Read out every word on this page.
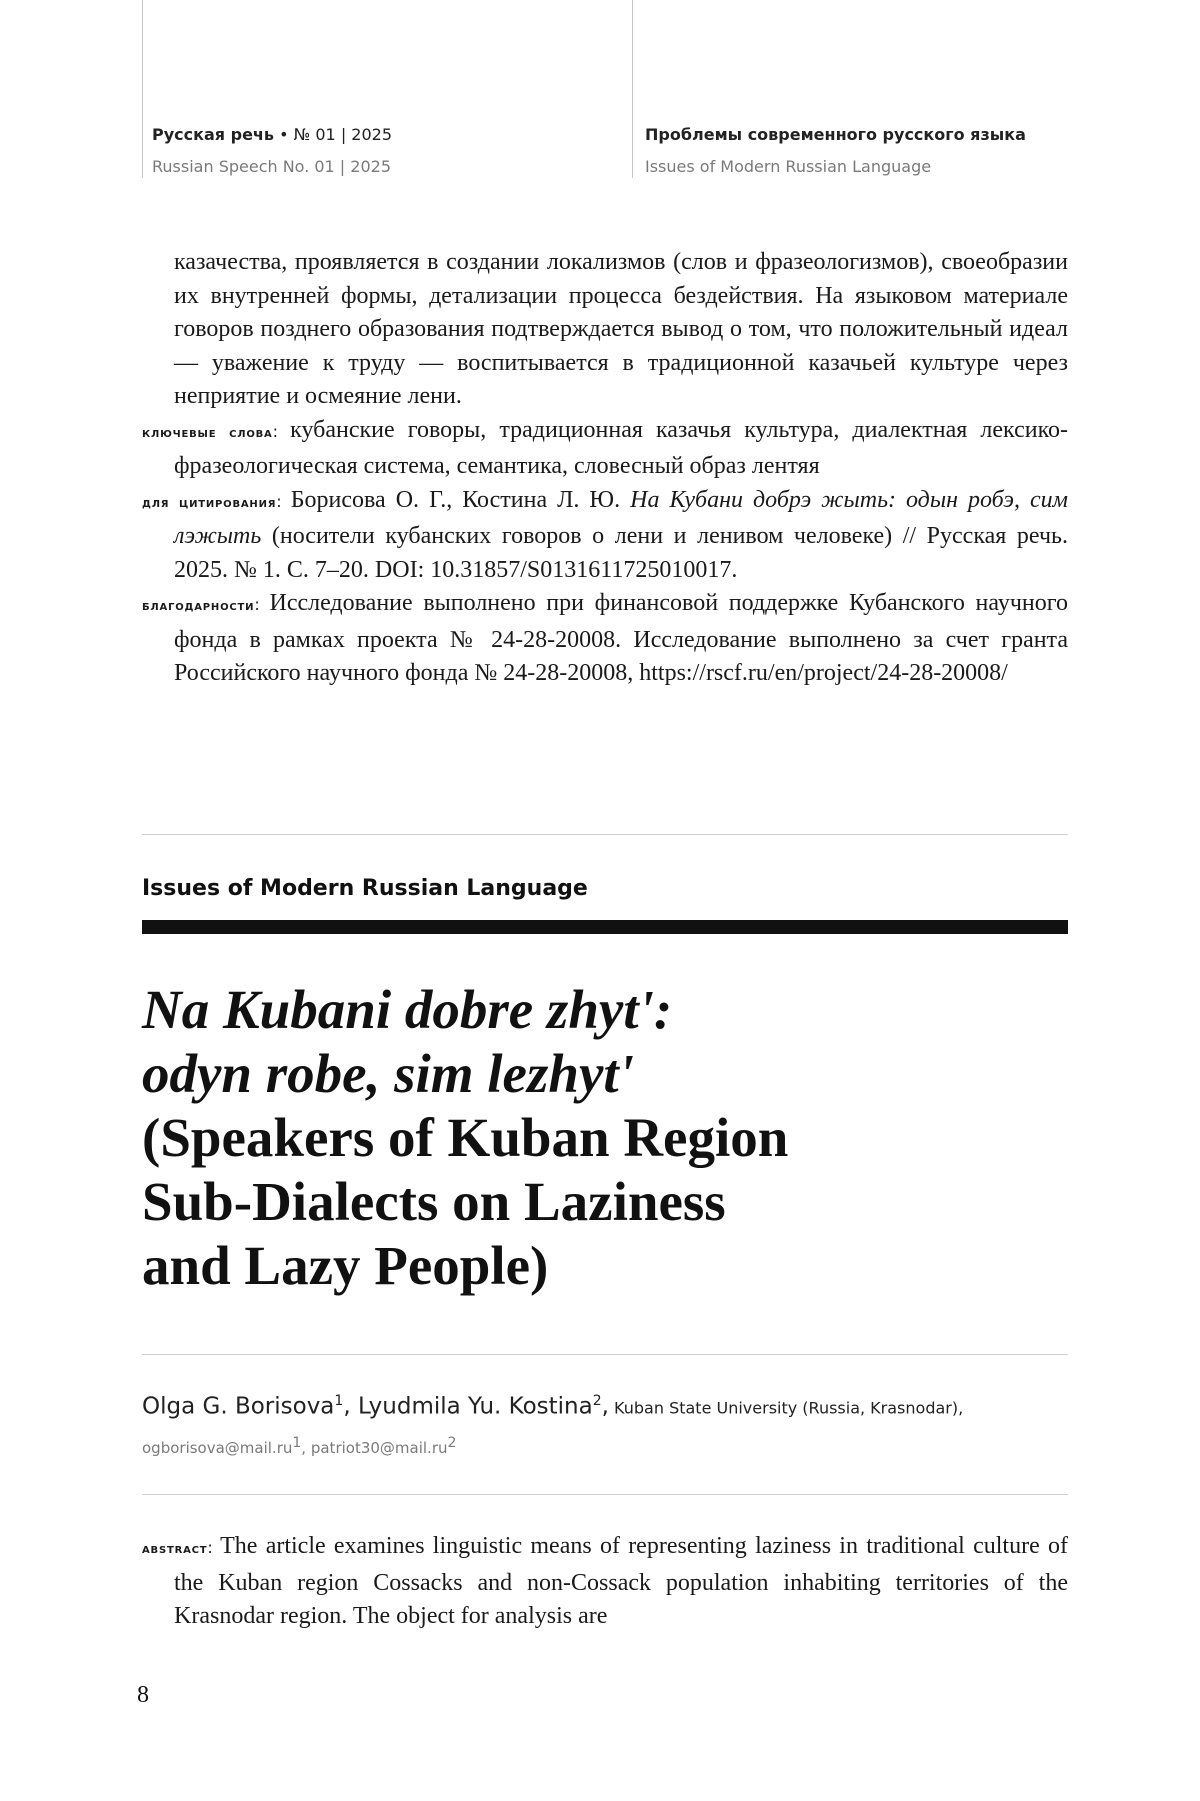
Русская речь • № 01 | 2025
Russian Speech No. 01 | 2025
Проблемы современного русского языка
Issues of Modern Russian Language

казачества, проявляется в создании локализмов (слов и фразеологизмов), своеобразии их внутренней формы, детализации процесса бездействия. На языковом материале говоров позднего образования подтверждается вывод о том, что положительный идеал — уважение к труду — воспитывается в традиционной казачьей культуре через неприятие и осмеяние лени.

ключевые слова: кубанские говоры, традиционная казачья культура, диалектная лексико-фразеологическая система, семантика, словесный образ лентяя

для цитирования: Борисова О. Г., Костина Л. Ю. На Кубани добрэ жыть: одын робэ, сим лэжыть (носители кубанских говоров о лени и ленивом человеке) // Русская речь. 2025. № 1. С. 7–20. DOI: 10.31857/S0131611725010017.

благодарности: Исследование выполнено при финансовой поддержке Кубанского научного фонда в рамках проекта № 24-28-20008. Исследование выполнено за счет гранта Российского научного фонда № 24-28-20008, https://rscf.ru/en/project/24-28-20008/

Issues of Modern Russian Language
Na Kubani dobre zhyt':
odyn robe, sim lezhyt'
(Speakers of Kuban Region
Sub-Dialects on Laziness
and Lazy People)
Olga G. Borisova$^1$, Lyudmila Yu. Kostina$^2$, Kuban State University (Russia, Krasnodar),
$ogborisova@mail.ru^1$, $patriot30@mail.ru^2$

abstract: The article examines linguistic means of representing laziness in traditional culture of the Kuban region Cossacks and non-Cossack population inhabiting territories of the Krasnodar region. The object for analysis are

8
